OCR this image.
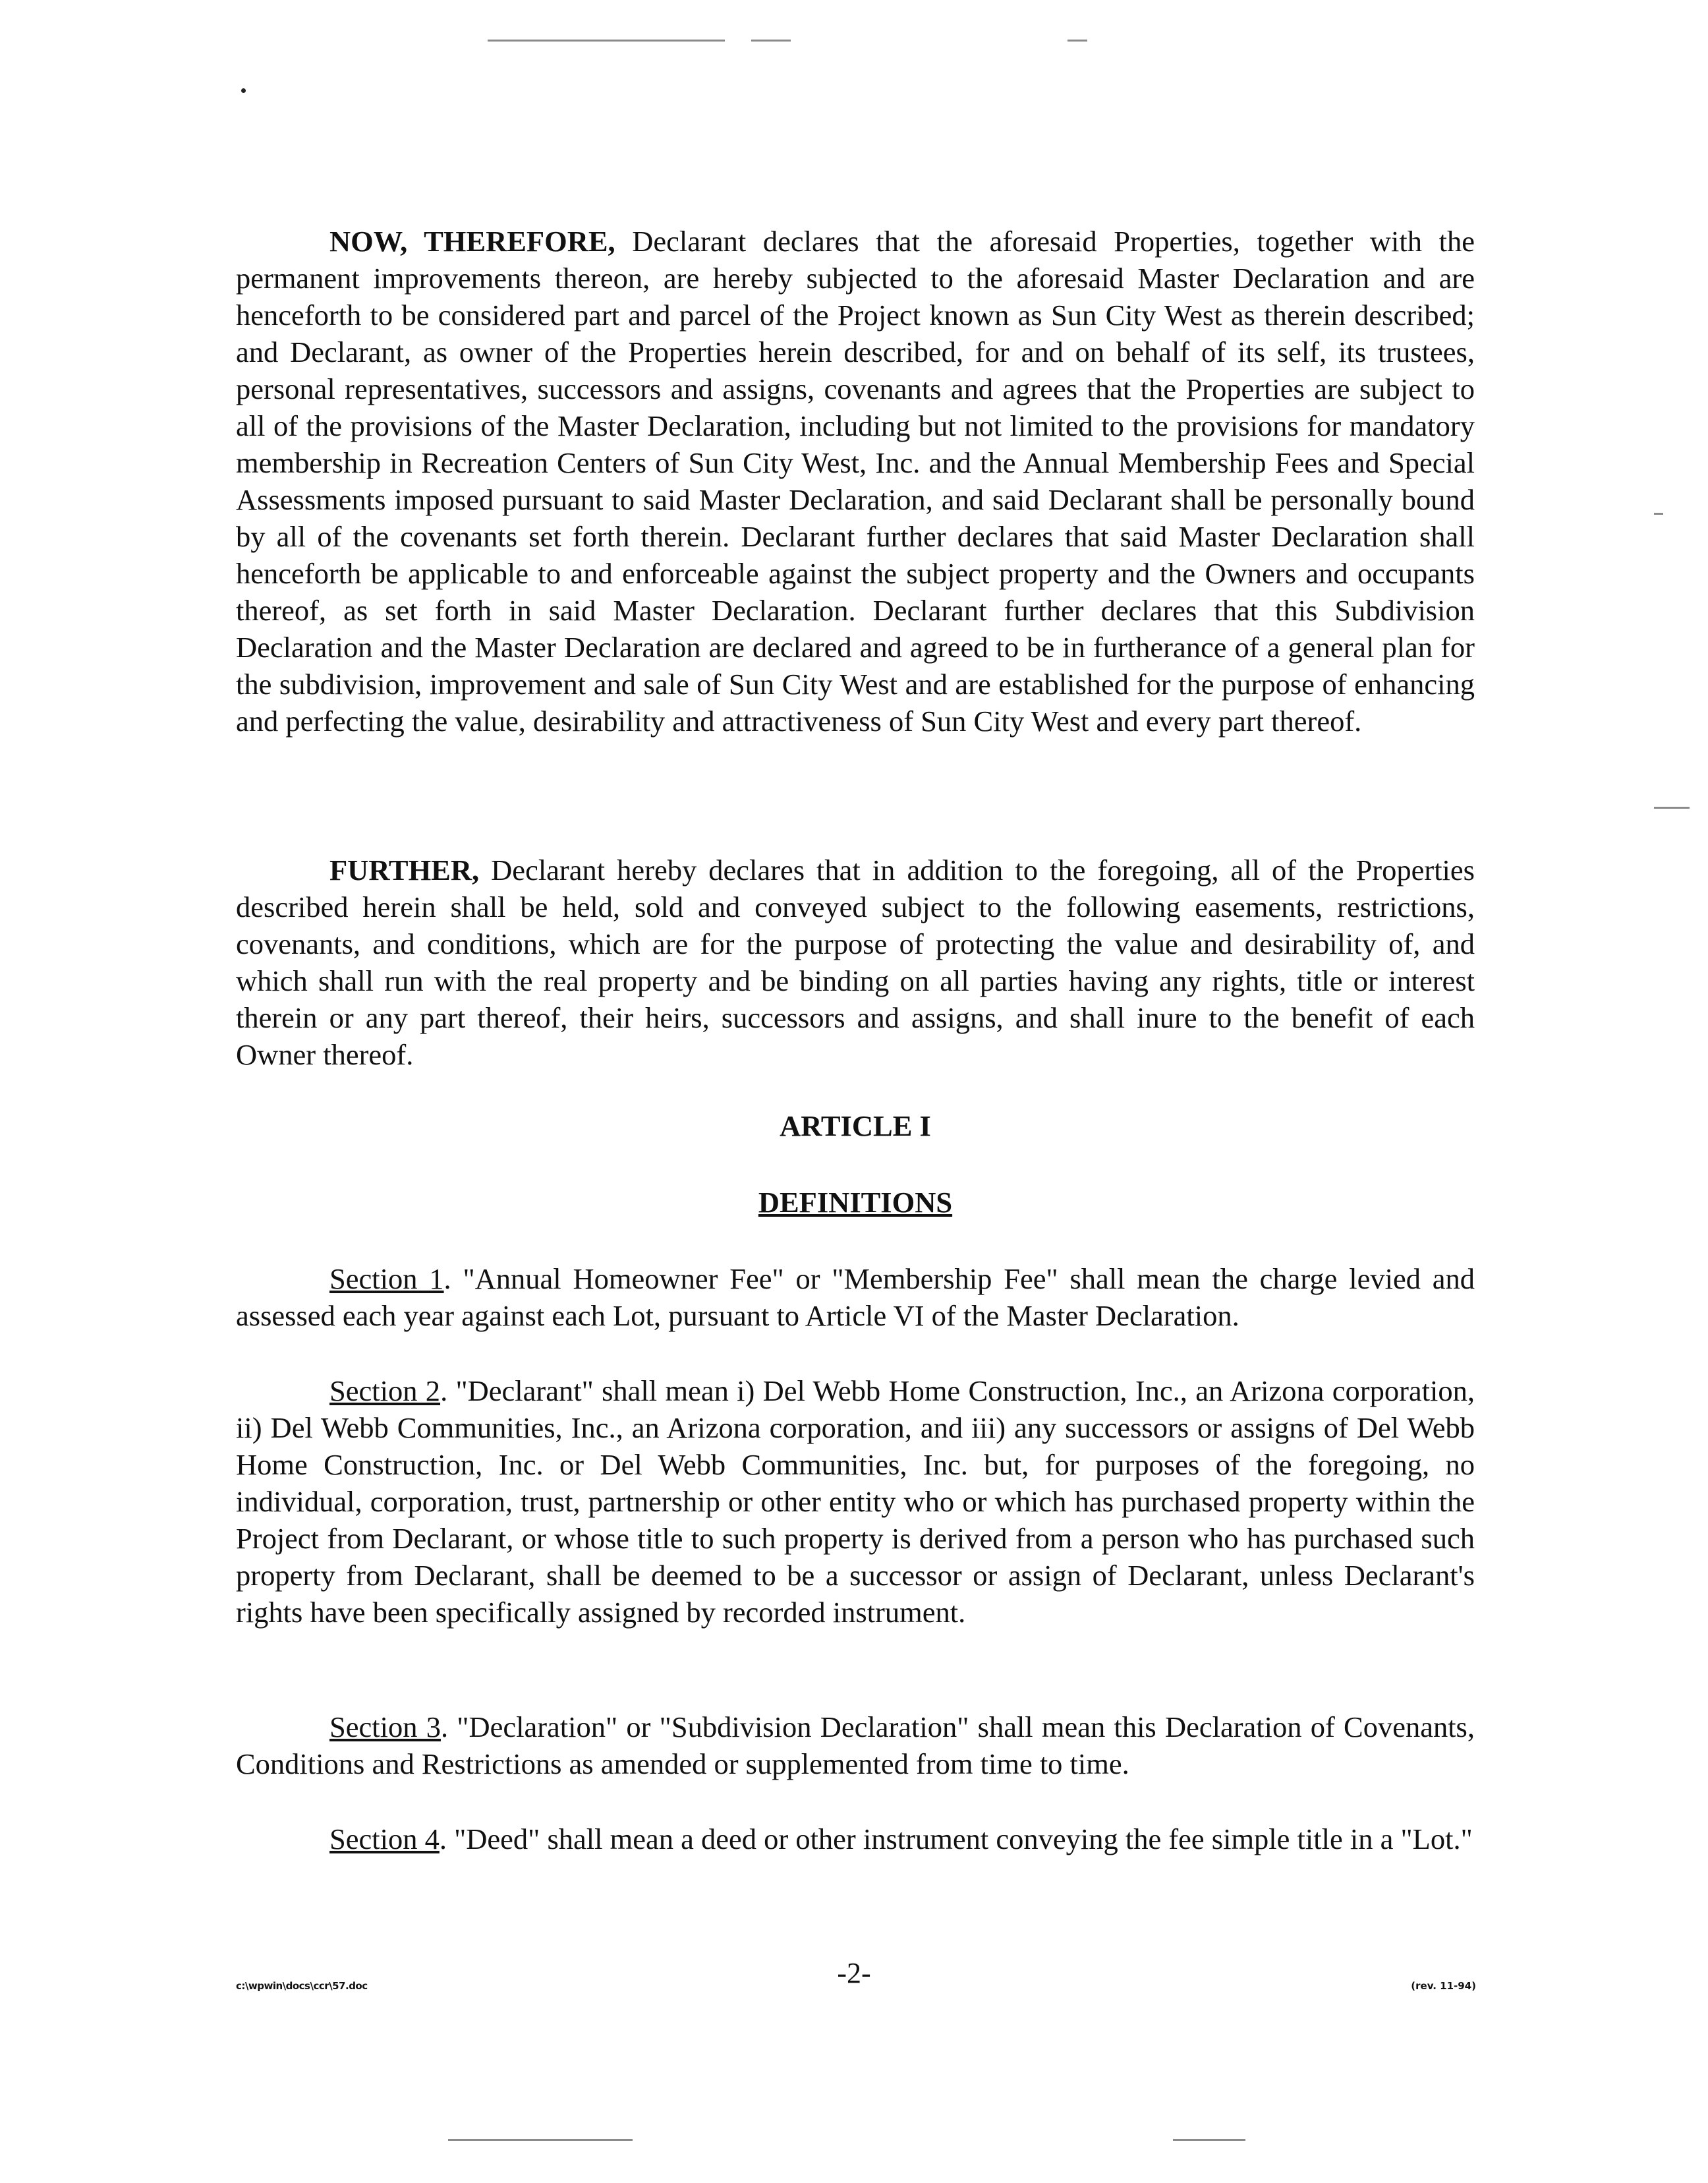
NOW, THEREFORE, Declarant declares that the aforesaid Properties, together with the permanent improvements thereon, are hereby subjected to the aforesaid Master Declaration and are henceforth to be considered part and parcel of the Project known as Sun City West as therein described; and Declarant, as owner of the Properties herein described, for and on behalf of its self, its trustees, personal representatives, successors and assigns, covenants and agrees that the Properties are subject to all of the provisions of the Master Declaration, including but not limited to the provisions for mandatory membership in Recreation Centers of Sun City West, Inc. and the Annual Membership Fees and Special Assessments imposed pursuant to said Master Declaration, and said Declarant shall be personally bound by all of the covenants set forth therein. Declarant further declares that said Master Declaration shall henceforth be applicable to and enforceable against the subject property and the Owners and occupants thereof, as set forth in said Master Declaration. Declarant further declares that this Subdivision Declaration and the Master Declaration are declared and agreed to be in furtherance of a general plan for the subdivision, improvement and sale of Sun City West and are established for the purpose of enhancing and perfecting the value, desirability and attractiveness of Sun City West and every part thereof.

FURTHER, Declarant hereby declares that in addition to the foregoing, all of the Properties described herein shall be held, sold and conveyed subject to the following easements, restrictions, covenants, and conditions, which are for the purpose of protecting the value and desirability of, and which shall run with the real property and be binding on all parties having any rights, title or interest therein or any part thereof, their heirs, successors and assigns, and shall inure to the benefit of each Owner thereof.

ARTICLE I
DEFINITIONS

Section 1. "Annual Homeowner Fee" or "Membership Fee" shall mean the charge levied and assessed each year against each Lot, pursuant to Article VI of the Master Declaration.

Section 2. "Declarant" shall mean i) Del Webb Home Construction, Inc., an Arizona corporation, ii) Del Webb Communities, Inc., an Arizona corporation, and iii) any successors or assigns of Del Webb Home Construction, Inc. or Del Webb Communities, Inc. but, for purposes of the foregoing, no individual, corporation, trust, partnership or other entity who or which has purchased property within the Project from Declarant, or whose title to such property is derived from a person who has purchased such property from Declarant, shall be deemed to be a successor or assign of Declarant, unless Declarant's rights have been specifically assigned by recorded instrument.

Section 3. "Declaration" or "Subdivision Declaration" shall mean this Declaration of Covenants, Conditions and Restrictions as amended or supplemented from time to time.

Section 4. "Deed" shall mean a deed or other instrument conveying the fee simple title in a "Lot."

c:\wpwin\docs\ccr\57.doc	-2-	(rev. 11-94)
